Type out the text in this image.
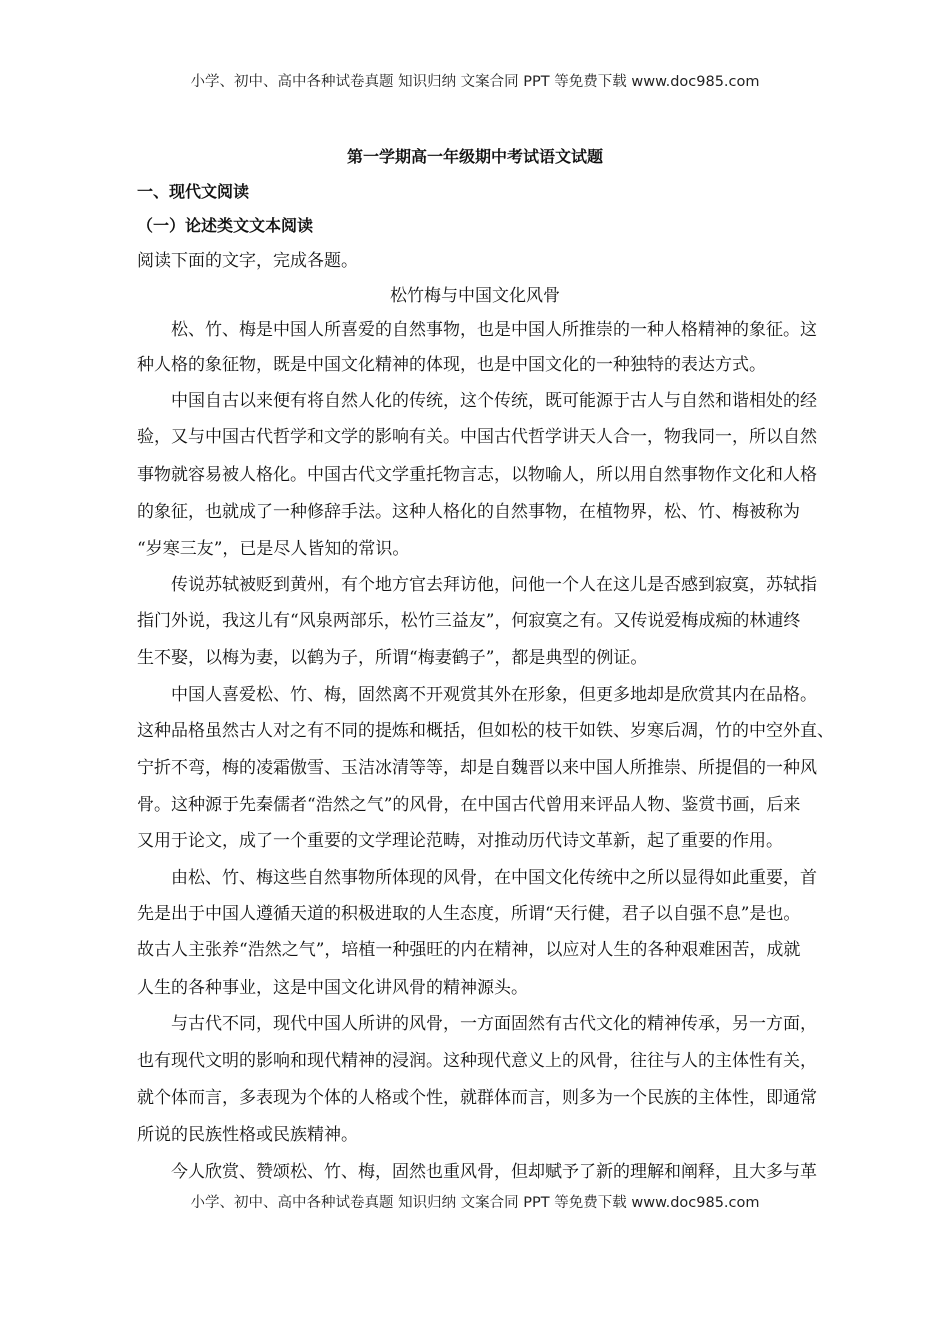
小学、初中、高中各种试卷真题 知识归纳 文案合同 PPT 等免费下载 www.doc985.com
第一学期高一年级期中考试语文试题
一、现代文阅读
（一）论述类文文本阅读
阅读下面的文字，完成各题。
松竹梅与中国文化风骨
　　松、竹、梅是中国人所喜爱的自然事物，也是中国人所推崇的一种人格精神的象征。这
种人格的象征物，既是中国文化精神的体现，也是中国文化的一种独特的表达方式。
　　中国自古以来便有将自然人化的传统，这个传统，既可能源于古人与自然和谐相处的经
验，又与中国古代哲学和文学的影响有关。中国古代哲学讲天人合一，物我同一，所以自然
事物就容易被人格化。中国古代文学重托物言志，以物喻人，所以用自然事物作文化和人格
的象征，也就成了一种修辞手法。这种人格化的自然事物，在植物界，松、竹、梅被称为
“岁寒三友”，已是尽人皆知的常识。
　　传说苏轼被贬到黄州，有个地方官去拜访他，问他一个人在这儿是否感到寂寞，苏轼指
指门外说，我这儿有“风泉两部乐，松竹三益友”，何寂寞之有。又传说爱梅成痴的林逋终
生不娶，以梅为妻，以鹤为子，所谓“梅妻鹤子”，都是典型的例证。
　　中国人喜爱松、竹、梅，固然离不开观赏其外在形象，但更多地却是欣赏其内在品格。
这种品格虽然古人对之有不同的提炼和概括，但如松的枝干如铁、岁寒后凋，竹的中空外直、
宁折不弯，梅的凌霜傲雪、玉洁冰清等等，却是自魏晋以来中国人所推崇、所提倡的一种风
骨。这种源于先秦儒者“浩然之气”的风骨，在中国古代曾用来评品人物、鉴赏书画，后来
又用于论文，成了一个重要的文学理论范畴，对推动历代诗文革新，起了重要的作用。
　　由松、竹、梅这些自然事物所体现的风骨，在中国文化传统中之所以显得如此重要，首
先是出于中国人遵循天道的积极进取的人生态度，所谓“天行健，君子以自强不息”是也。
故古人主张养“浩然之气”，培植一种强旺的内在精神，以应对人生的各种艰难困苦，成就
人生的各种事业，这是中国文化讲风骨的精神源头。
　　与古代不同，现代中国人所讲的风骨，一方面固然有古代文化的精神传承，另一方面，
也有现代文明的影响和现代精神的浸润。这种现代意义上的风骨，往往与人的主体性有关，
就个体而言，多表现为个体的人格或个性，就群体而言，则多为一个民族的主体性，即通常
所说的民族性格或民族精神。
　　今人欣赏、赞颂松、竹、梅，固然也重风骨，但却赋予了新的理解和阐释，且大多与革
小学、初中、高中各种试卷真题 知识归纳 文案合同 PPT 等免费下载 www.doc985.com
